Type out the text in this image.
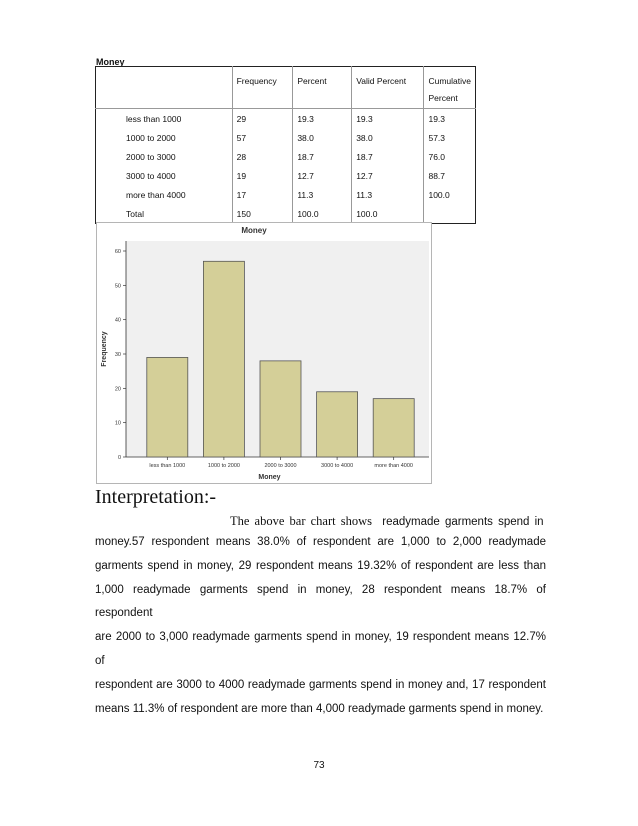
Money
	Frequency	Percent	Valid Percent	Cumulative
Percent
less than 1000	29	19.3	19.3	19.3
1000 to 2000	57	38.0	38.0	57.3
2000 to 3000	28	18.7	18.7	76.0
3000 to 4000	19	12.7	12.7	88.7
more than 4000	17	11.3	11.3	100.0
Total	150	100.0	100.0	
Money
0
10
20
30
40
50
60
Frequency
less than 1000	1000 to 2000	2000 to 3000	3000 to 4000	more than 4000
Money
Interpretation:-
The above bar chart shows readymade garments spend in

money.57 respondent means 38.0% of respondent are 1,000 to 2,000 readymade

garments spend in money, 29 respondent means 19.32% of respondent are less than

1,000 readymade garments spend in money, 28 respondent means 18.7% of respondent

are 2000 to 3,000 readymade garments spend in money, 19 respondent means 12.7% of

respondent are 3000 to 4000 readymade garments spend in money and, 17 respondent

means 11.3% of respondent are more than 4,000 readymade garments spend in money.

73
